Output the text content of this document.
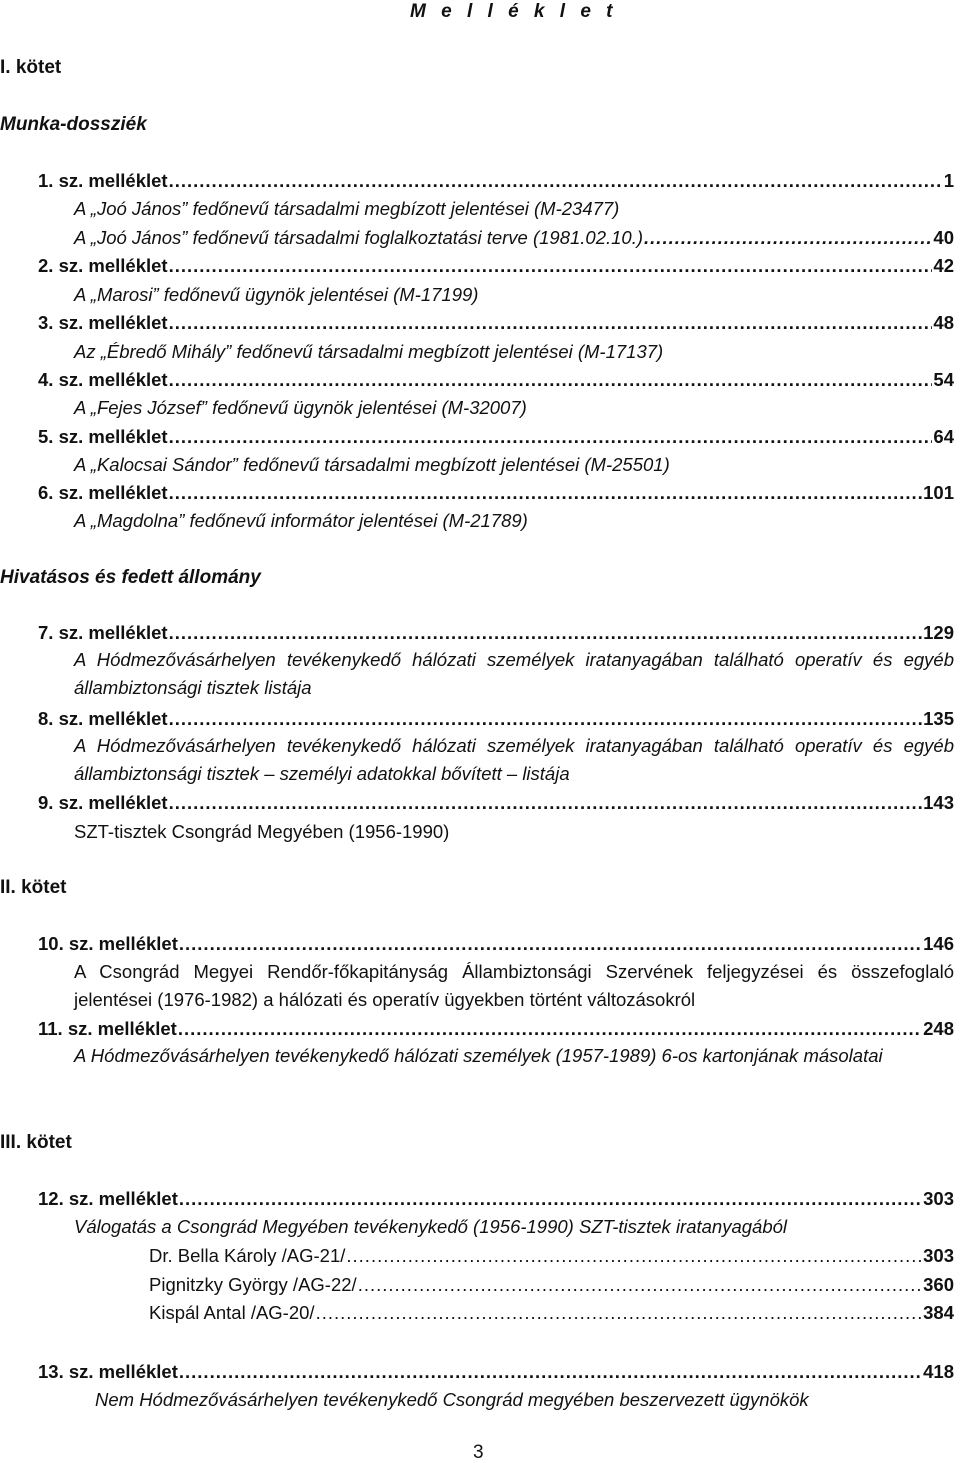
M e l l é k l e t
I. kötet
Munka-dossziék
1. sz. melléklet .....	1
A „Joó János” fedőnevű társadalmi megbízott jelentései (M-23477)
A „Joó János” fedőnevű társadalmi foglalkoztatási terve (1981.02.10.) .....	40
2. sz. melléklet .....	42
A „Marosi” fedőnevű ügynök jelentései (M-17199)
3. sz. melléklet .....	48
Az „Ébredő Mihály” fedőnevű társadalmi megbízott jelentései (M-17137)
4. sz. melléklet .....	54
A „Fejes József” fedőnevű ügynök jelentései (M-32007)
5. sz. melléklet .....	64
A „Kalocsai Sándor” fedőnevű társadalmi megbízott jelentései (M-25501)
6. sz. melléklet .....	101
A „Magdolna” fedőnevű informátor jelentései (M-21789)
Hivatásos és fedett állomány
7. sz. melléklet .....	129
A Hódmezővásárhelyen tevékenykedő hálózati személyek iratanyagában található operatív és egyéb állambiztonsági tisztek listája
8. sz. melléklet .....	135
A Hódmezővásárhelyen tevékenykedő hálózati személyek iratanyagában található operatív és egyéb állambiztonsági tisztek – személyi adatokkal bővített – listája
9. sz. melléklet .....	143
SZT-tisztek Csongrád Megyében (1956-1990)
II. kötet
10. sz. melléklet .....	146
A Csongrád Megyei Rendőr-főkapitányság Állambiztonsági Szervének feljegyzései és összefoglaló jelentései (1976-1982) a hálózati és operatív ügyekben történt változásokról
11. sz. melléklet .....	248
A Hódmezővásárhelyen tevékenykedő hálózati személyek (1957-1989) 6-os kartonjának másolatai
III. kötet
12. sz. melléklet .....	303
Válogatás a Csongrád Megyében tevékenykedő (1956-1990) SZT-tisztek iratanyagából
Dr. Bella Károly /AG-21/ .....	303
Pignitzky György /AG-22/ .....	360
Kispál Antal /AG-20/ .....	384
13. sz. melléklet .....	418
Nem Hódmezővásárhelyen tevékenykedő Csongrád megyében beszervezett ügynökök
3
